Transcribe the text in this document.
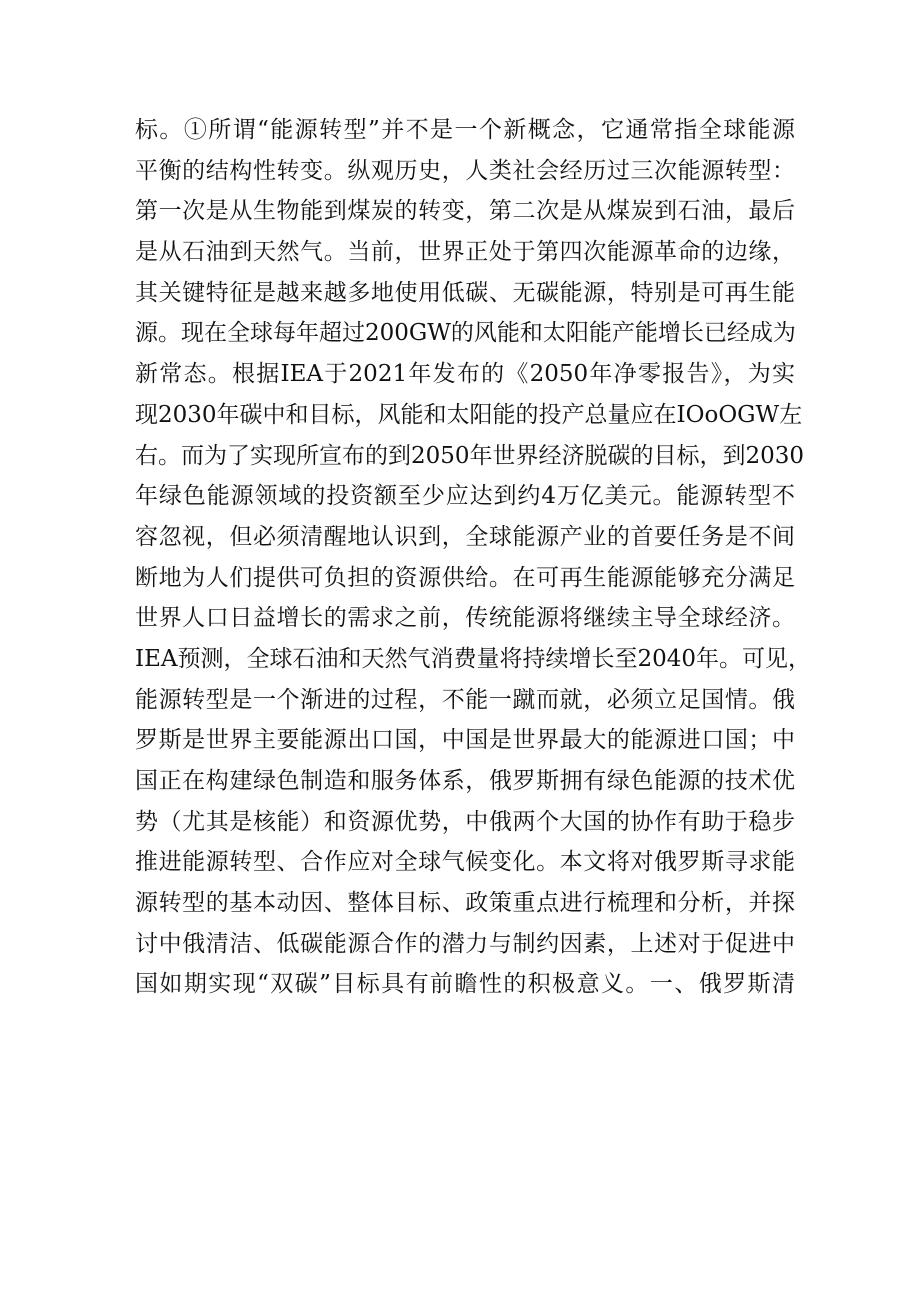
标。①所谓“能源转型”并不是一个新概念，它通常指全球能源
平衡的结构性转变。纵观历史，人类社会经历过三次能源转型：
第一次是从生物能到煤炭的转变，第二次是从煤炭到石油，最后
是从石油到天然气。当前，世界正处于第四次能源革命的边缘，
其关键特征是越来越多地使用低碳、无碳能源，特别是可再生能
源。现在全球每年超过200GW的风能和太阳能产能增长已经成为
新常态。根据IEA于2021年发布的《2050年净零报告》，为实
现2030年碳中和目标，风能和太阳能的投产总量应在IOoOGW左
右。而为了实现所宣布的到2050年世界经济脱碳的目标，到2030
年绿色能源领域的投资额至少应达到约4万亿美元。能源转型不
容忽视，但必须清醒地认识到，全球能源产业的首要任务是不间
断地为人们提供可负担的资源供给。在可再生能源能够充分满足
世界人口日益增长的需求之前，传统能源将继续主导全球经济。
IEA预测，全球石油和天然气消费量将持续增长至2040年。可见，
能源转型是一个渐进的过程，不能一蹴而就，必须立足国情。俄
罗斯是世界主要能源出口国，中国是世界最大的能源进口国；中
国正在构建绿色制造和服务体系，俄罗斯拥有绿色能源的技术优
势（尤其是核能）和资源优势，中俄两个大国的协作有助于稳步
推进能源转型、合作应对全球气候变化。本文将对俄罗斯寻求能
源转型的基本动因、整体目标、政策重点进行梳理和分析，并探
讨中俄清洁、低碳能源合作的潜力与制约因素，上述对于促进中
国如期实现“双碳”目标具有前瞻性的积极意义。一、俄罗斯清
